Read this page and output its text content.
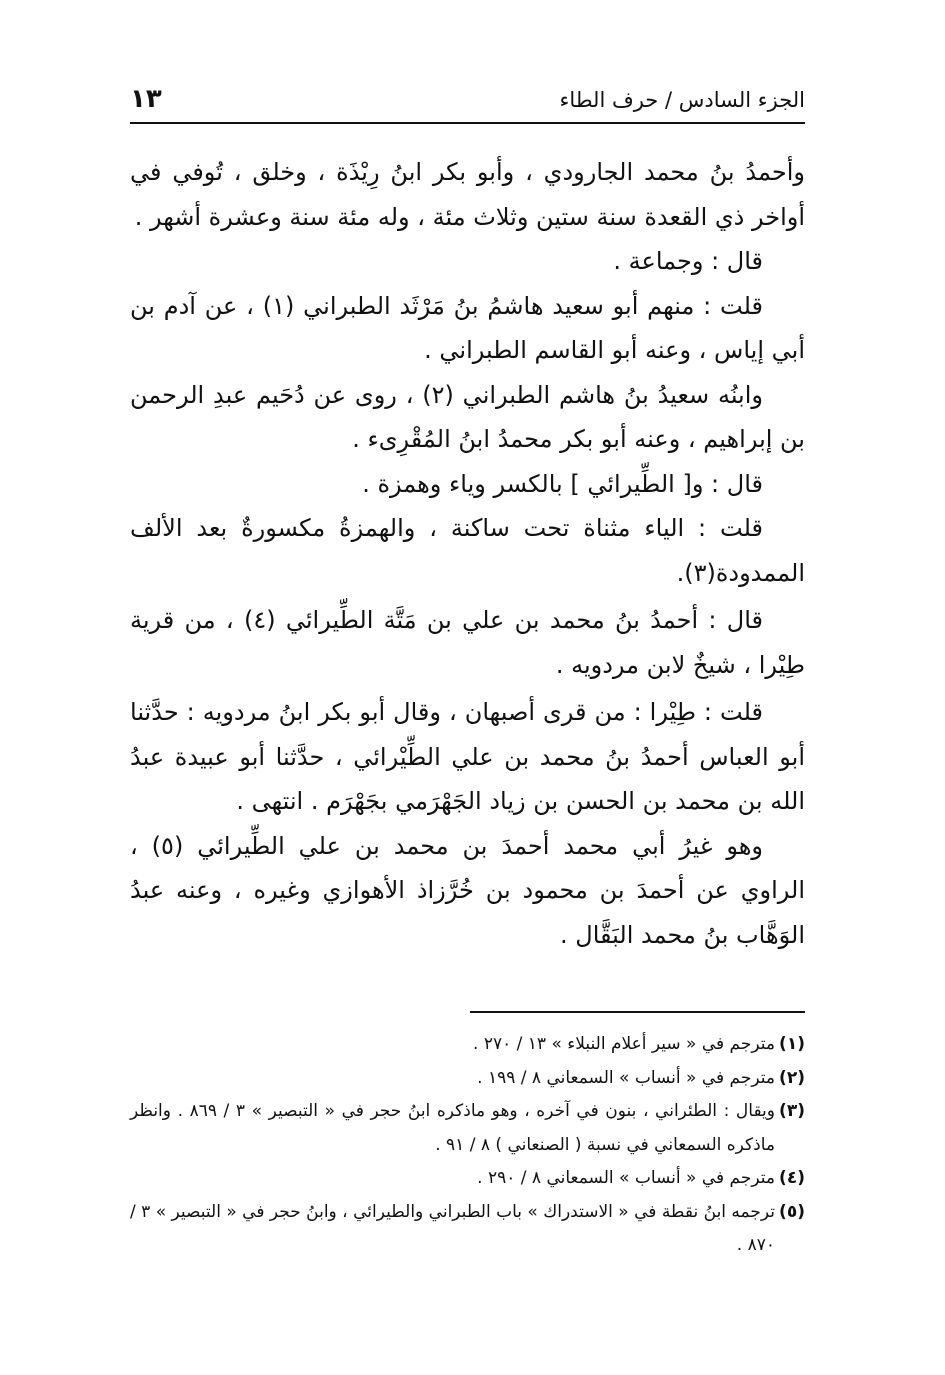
الجزء السادس / حرف الطاء
١٣

وأحمدُ بنُ محمد الجارودي ، وأبو بكر ابنُ رِيْذَة ، وخلق ، تُوفي في أواخر ذي القعدة سنة ستين وثلاث مئة ، وله مئة سنة وعشرة أشهر .

قال : وجماعة .

قلت : منهم أبو سعيد هاشمُ بنُ مَرْثَد الطبراني (١) ، عن آدم بن أبي إياس ، وعنه أبو القاسم الطبراني .

وابنُه سعيدُ بنُ هاشم الطبراني (٢) ، روى عن دُحَيم عبدِ الرحمن بن إبراهيم ، وعنه أبو بكر محمدُ ابنُ المُقْرِىء .

قال : و[ الطِّيرائي ] بالكسر وياء وهمزة .

قلت : الياء مثناة تحت ساكنة ، والهمزةُ مكسورةٌ بعد الألف الممدودة(٣).

قال : أحمدُ بنُ محمد بن علي بن مَتَّة الطِّيرائي (٤) ، من قرية طِيْرا ، شيخٌ لابن مردويه .

قلت : طِيْرا : من قرى أصبهان ، وقال أبو بكر ابنُ مردويه : حدَّثنا أبو العباس أحمدُ بنُ محمد بن علي الطِّيْرائي ، حدَّثنا أبو عبيدة عبدُ الله بن محمد بن الحسن بن زياد الجَهْرَمي بجَهْرَم . انتهى .

وهو غيرُ أبي محمد أحمدَ بن محمد بن علي الطِّيرائي (٥) ، الراوي عن أحمدَ بن محمود بن خُرَّزاذ الأهوازي وغيره ، وعنه عبدُ الوَهَّاب بنُ محمد البَقَّال .

(١)
مترجم في « سير أعلام النبلاء » ١٣ / ٢٧٠ .
(٢)
مترجم في « أنساب » السمعاني ٨ / ١٩٩ .
(٣)
ويقال : الطئراني ، بنون في آخره ، وهو ماذكره ابنُ حجر في « التبصير » ٣ / ٨٦٩ . وانظر ماذكره السمعاني في نسبة ( الصنعاني ) ٨ / ٩١ .
(٤)
مترجم في « أنساب » السمعاني ٨ / ٢٩٠ .
(٥)
ترجمه ابنُ نقطة في « الاستدراك » باب الطبراني والطيرائي ، وابنُ حجر في « التبصير » ٣ / ٨٧٠ .
